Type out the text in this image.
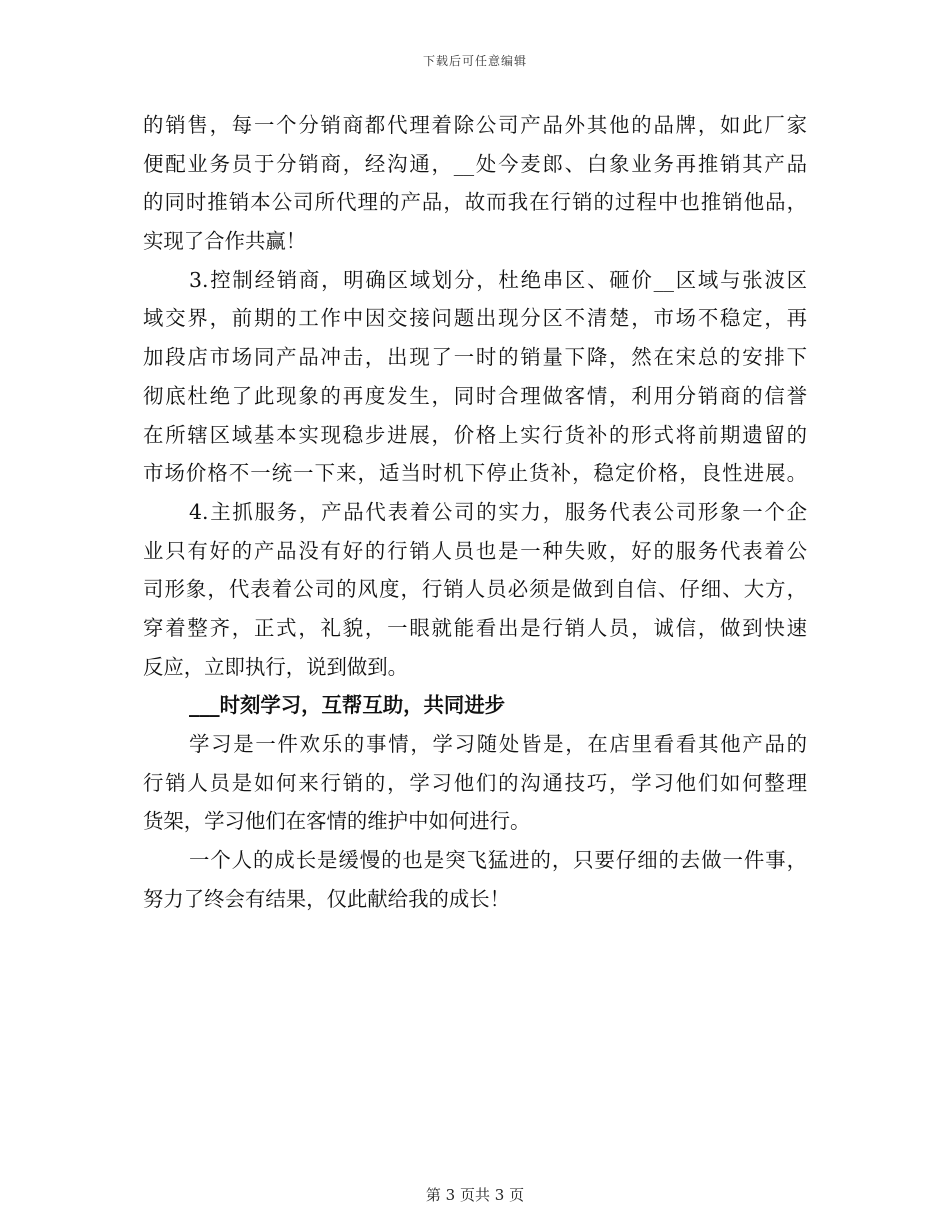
下载后可任意编辑
的销售，每一个分销商都代理着除公司产品外其他的品牌，如此厂家
便配业务员于分销商，经沟通，__处今麦郎、白象业务再推销其产品
的同时推销本公司所代理的产品，故而我在行销的过程中也推销他品，
实现了合作共赢！
3.控制经销商，明确区域划分，杜绝串区、砸价__区域与张波区
域交界，前期的工作中因交接问题出现分区不清楚，市场不稳定，再
加段店市场同产品冲击，出现了一时的销量下降，然在宋总的安排下
彻底杜绝了此现象的再度发生，同时合理做客情，利用分销商的信誉
在所辖区域基本实现稳步进展，价格上实行货补的形式将前期遗留的
市场价格不一统一下来，适当时机下停止货补，稳定价格，良性进展。
4.主抓服务，产品代表着公司的实力，服务代表公司形象一个企
业只有好的产品没有好的行销人员也是一种失败，好的服务代表着公
司形象，代表着公司的风度，行销人员必须是做到自信、仔细、大方，
穿着整齐，正式，礼貌，一眼就能看出是行销人员，诚信，做到快速
反应，立即执行，说到做到。
___时刻学习，互帮互助，共同进步
学习是一件欢乐的事情，学习随处皆是，在店里看看其他产品的
行销人员是如何来行销的，学习他们的沟通技巧，学习他们如何整理
货架，学习他们在客情的维护中如何进行。
一个人的成长是缓慢的也是突飞猛进的，只要仔细的去做一件事，
努力了终会有结果，仅此献给我的成长！
第 3 页共 3 页
